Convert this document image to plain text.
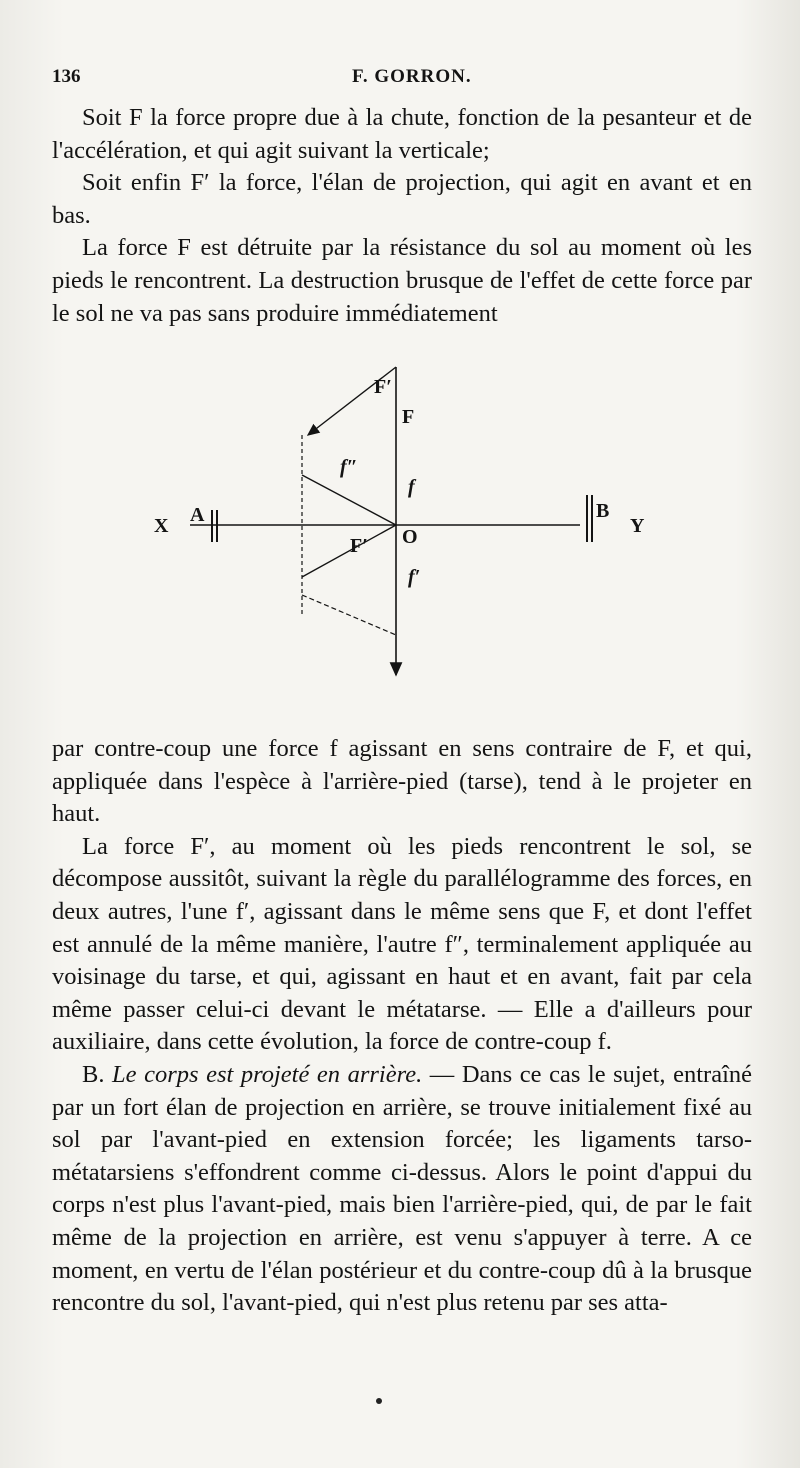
136	F. GORRON.

Soit F la force propre due à la chute, fonction de la pesanteur et de l'accélération, et qui agit suivant la verticale;

Soit enfin F′ la force, l'élan de projection, qui agit en avant et en bas.

La force F est détruite par la résistance du sol au moment où les pieds le rencontrent. La destruction brusque de l'effet de cette force par le sol ne va pas sans produire immédiatement

X A	B
Y
O
F
F′
F′
f″
f
f′

par contre-coup une force f agissant en sens contraire de F, et qui, appliquée dans l'espèce à l'arrière-pied (tarse), tend à le projeter en haut.

La force F′, au moment où les pieds rencontrent le sol, se décompose aussitôt, suivant la règle du parallélogramme des forces, en deux autres, l'une f′, agissant dans le même sens que F, et dont l'effet est annulé de la même manière, l'autre f″, terminalement appliquée au voisinage du tarse, et qui, agissant en haut et en avant, fait par cela même passer celui-ci devant le métatarse. — Elle a d'ailleurs pour auxiliaire, dans cette évolution, la force de contre-coup f.

B. Le corps est projeté en arrière. — Dans ce cas le sujet, entraîné par un fort élan de projection en arrière, se trouve initialement fixé au sol par l'avant-pied en extension forcée; les ligaments tarso-métatarsiens s'effondrent comme ci-dessus. Alors le point d'appui du corps n'est plus l'avant-pied, mais bien l'arrière-pied, qui, de par le fait même de la projection en arrière, est venu s'appuyer à terre. A ce moment, en vertu de l'élan postérieur et du contre-coup dû à la brusque rencontre du sol, l'avant-pied, qui n'est plus retenu par ses atta-
